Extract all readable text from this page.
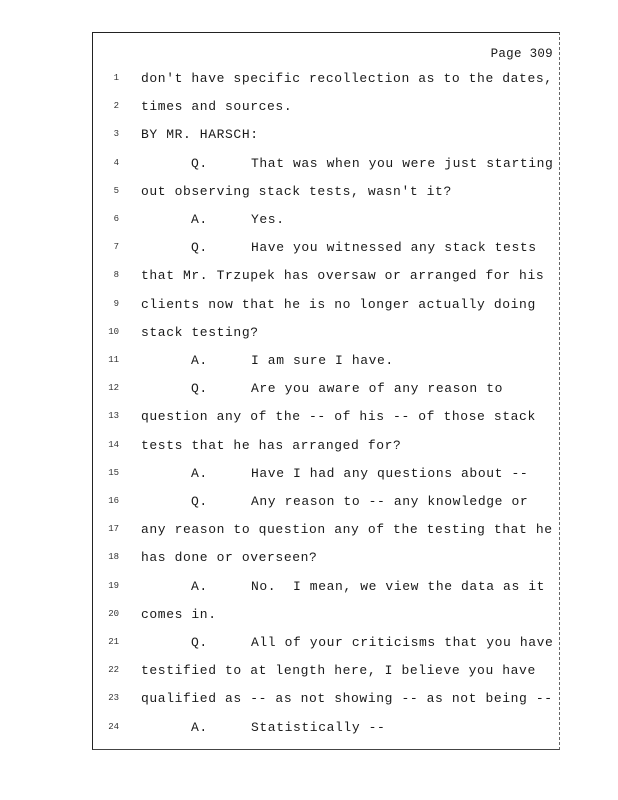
Page 309
1 don't have specific recollection as to the dates,
2 times and sources.
3 BY MR. HARSCH:
4	Q.	That was when you were just starting
5 out observing stack tests, wasn't it?
6	A.	Yes.
7	Q.	Have you witnessed any stack tests
8 that Mr. Trzupek has oversaw or arranged for his
9 clients now that he is no longer actually doing
10 stack testing?
11	A.	I am sure I have.
12	Q.	Are you aware of any reason to
13 question any of the -- of his -- of those stack
14 tests that he has arranged for?
15	A.	Have I had any questions about --
16	Q.	Any reason to -- any knowledge or
17 any reason to question any of the testing that he
18 has done or overseen?
19	A.	No.  I mean, we view the data as it
20 comes in.
21	Q.	All of your criticisms that you have
22 testified to at length here, I believe you have
23 qualified as -- as not showing -- as not being --
24	A.	Statistically --
